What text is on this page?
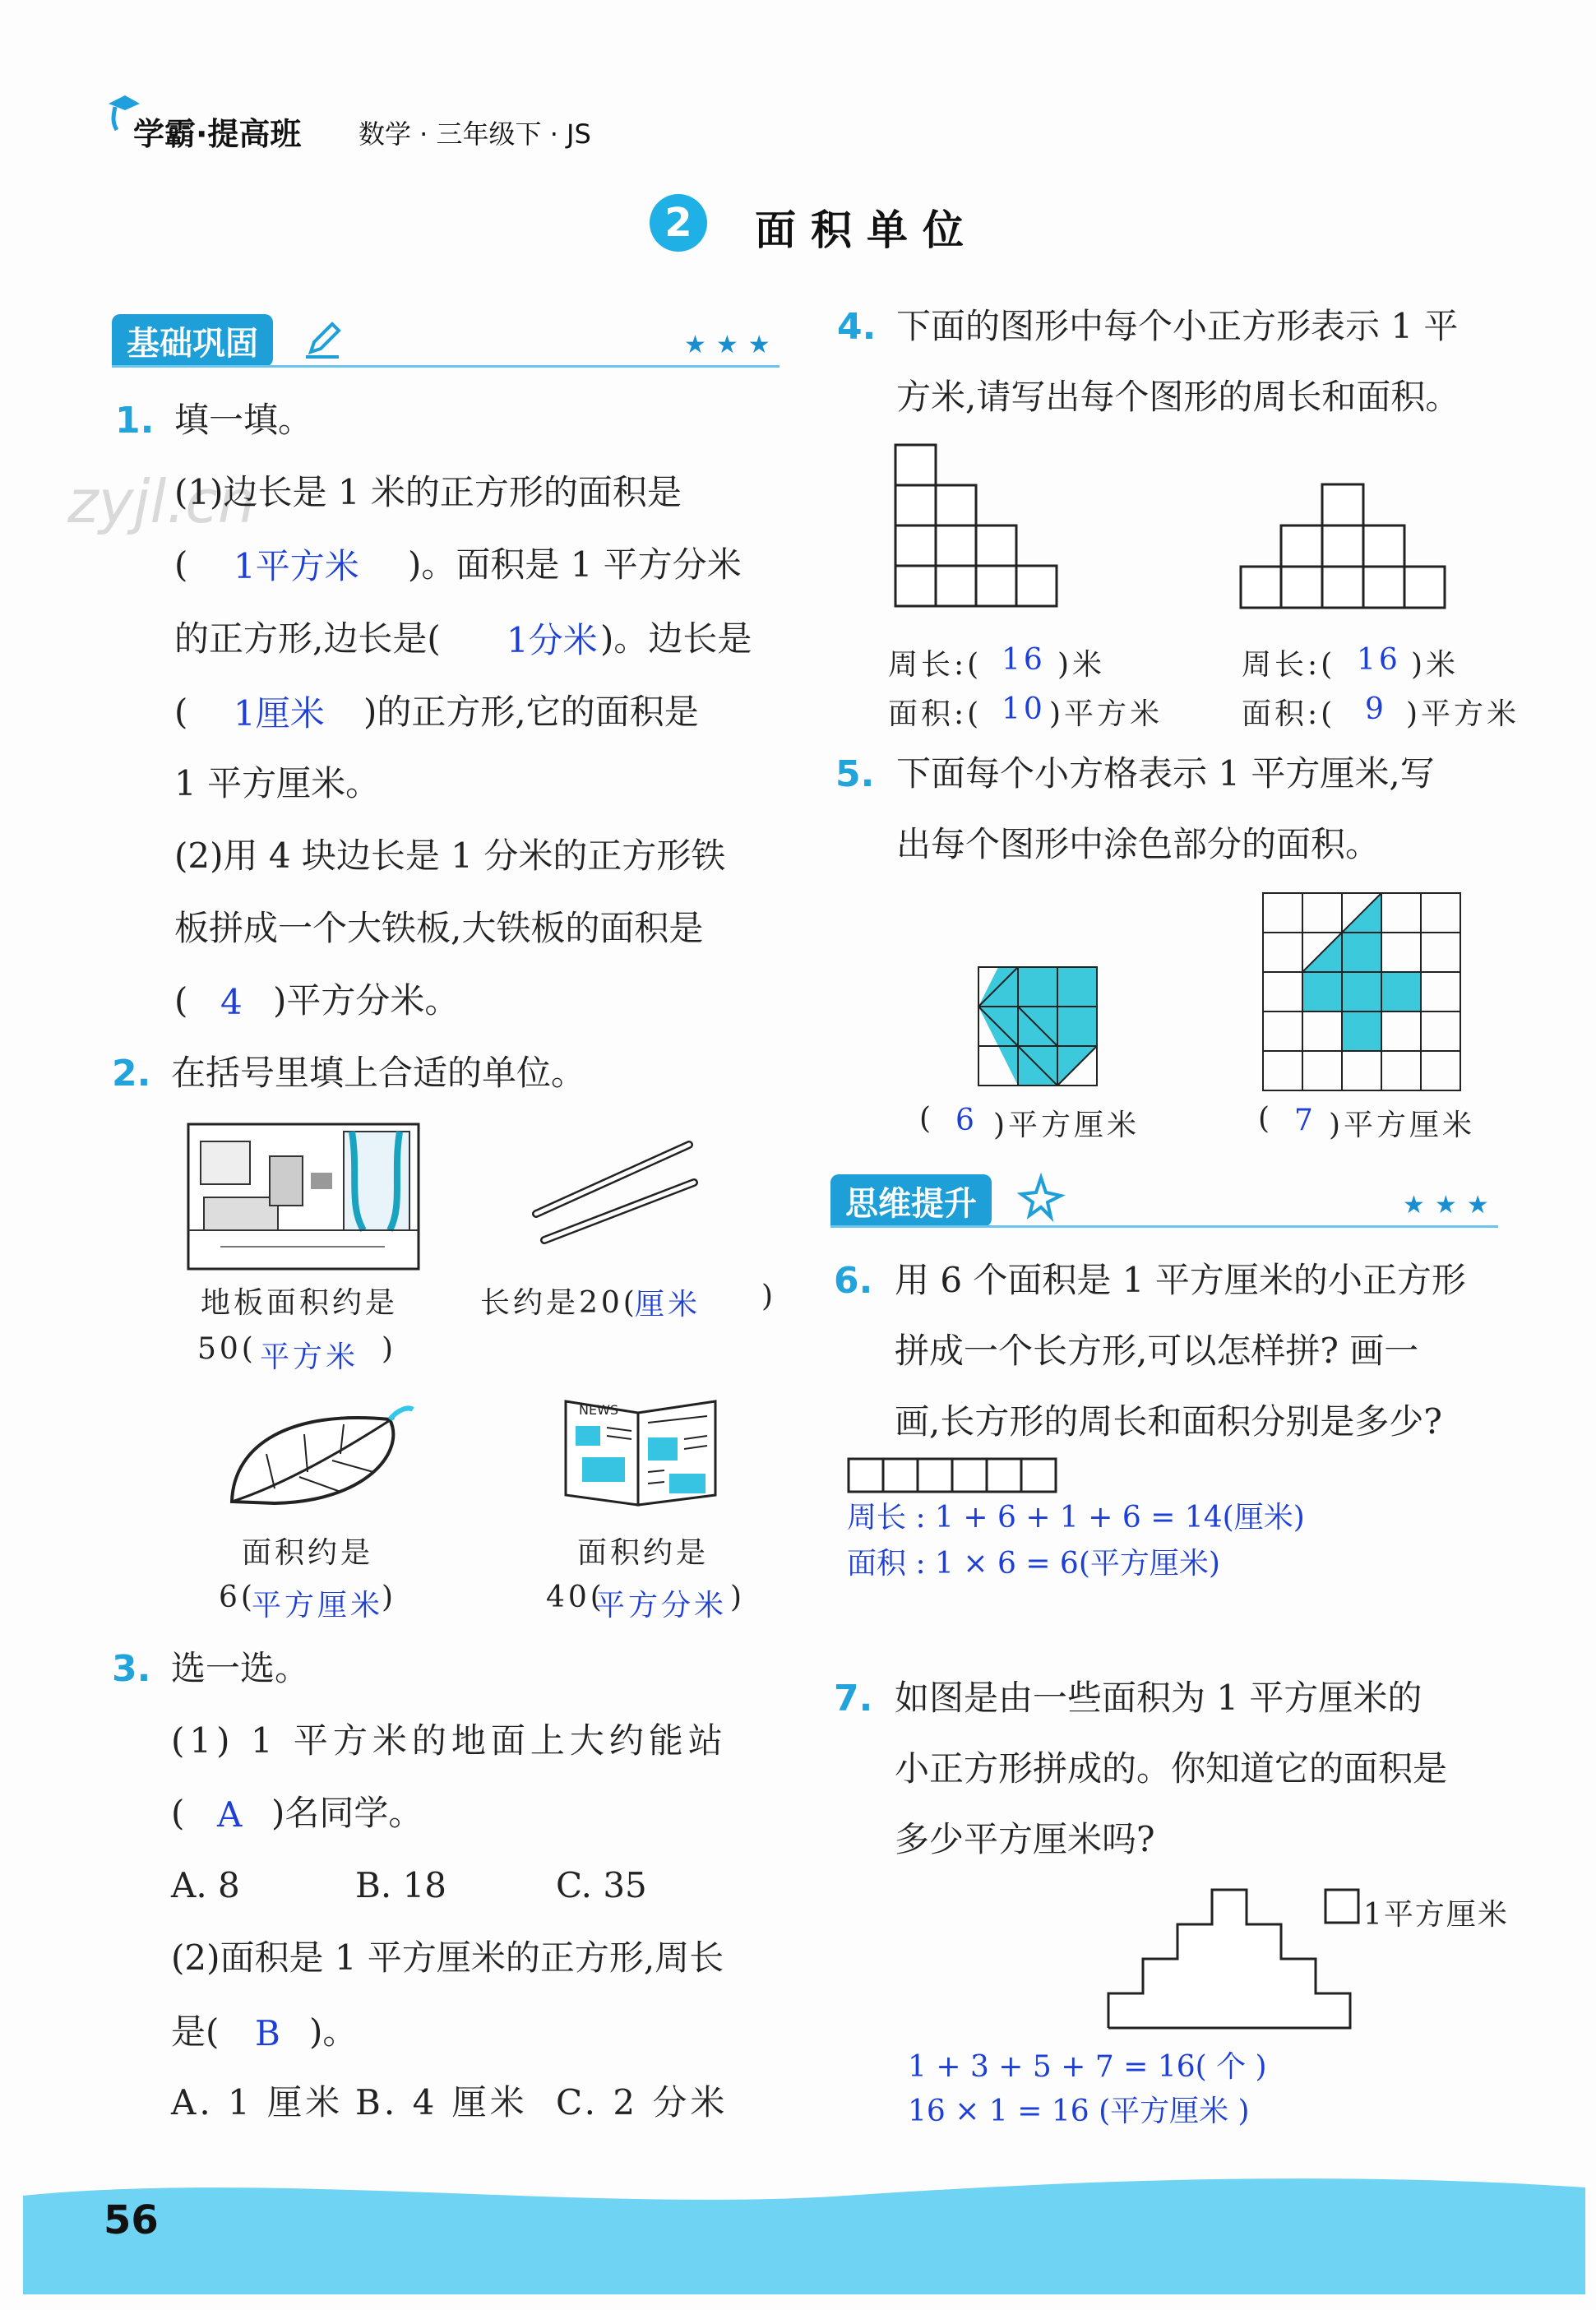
学霸·提高班 数学 · 三年级下 · JS
2	面积单位
基础巩固	★★★
zyjl.cn
1. 填一填。
(1)边长是 1 米的正方形的面积是
( 1平方米 )。面积是 1 平方分米
的正方形,边长是( 1分米 )。边长是
( 1厘米 )的正方形,它的面积是
1 平方厘米。
(2)用 4 块边长是 1 分米的正方形铁
板拼成一个大铁板,大铁板的面积是
( 4 )平方分米。
2. 在括号里填上合适的单位。
地板面积约是
50( 平方米 )
长约是20(
厘米 )
面积约是
6(
平方厘米
)
NEWS
面积约是
40(
平方分米 )
3. 选一选。
(1) 1 平方米的地面上大约能站
( A )名同学。
A. 8	B. 18	C. 35
(2)面积是 1 平方厘米的正方形,周长
是( B )。
A. 1 厘米 B. 4 厘米 C. 2 分米
4. 下面的图形中每个小正方形表示 1 平
方米,请写出每个图形的周长和面积。
周长:( 16 )米
面积:( 10 )平方米
周长:( 16 )米
面积:( 9 )平方米
5. 下面每个小方格表示 1 平方厘米,写
出每个图形中涂色部分的面积。
( 6 )平方厘米	( 7 )平方厘米
思维提升	★★★
6. 用 6 个面积是 1 平方厘米的小正方形
拼成一个长方形,可以怎样拼? 画一
画,长方形的周长和面积分别是多少?
周长 : 1 + 6 + 1 + 6 = 14(厘米)
面积 : 1 × 6 = 6(平方厘米)
7. 如图是由一些面积为 1 平方厘米的
小正方形拼成的。你知道它的面积是
多少平方厘米吗?
1平方厘米
1 + 3 + 5 + 7 = 16( 个 )
16 × 1 = 16 (平方厘米 )
56
